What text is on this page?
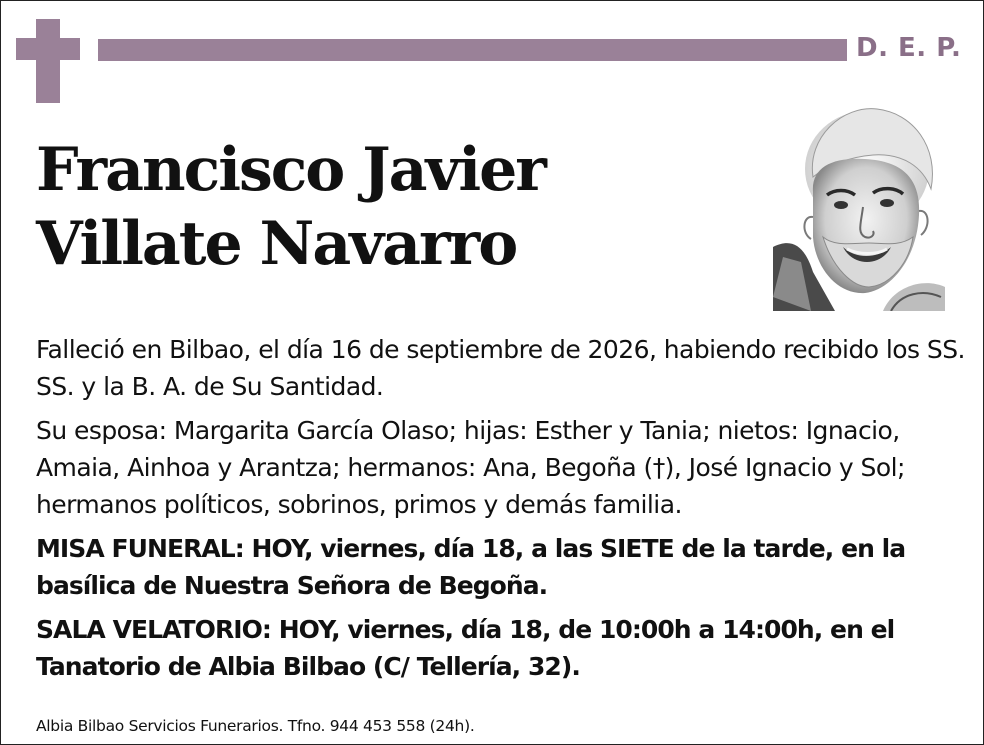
D. E. P.
Francisco Javier
Villate Navarro

Falleció en Bilbao, el día 16 de septiembre de 2026, habiendo recibido los SS. SS. y la B. A. de Su Santidad.

Su esposa: Margarita García Olaso; hijas: Esther y Tania; nietos: Ignacio, Amaia, Ainhoa y Arantza; hermanos: Ana, Begoña (†), José Ignacio y Sol; hermanos políticos, sobrinos, primos y demás familia.

MISA FUNERAL: HOY, viernes, día 18, a las SIETE de la tarde, en la basílica de Nuestra Señora de Begoña.

SALA VELATORIO: HOY, viernes, día 18, de 10:00h a 14:00h, en el Tanatorio de Albia Bilbao (C/ Tellería, 32).

Albia Bilbao Servicios Funerarios. Tfno. 944 453 558 (24h).
